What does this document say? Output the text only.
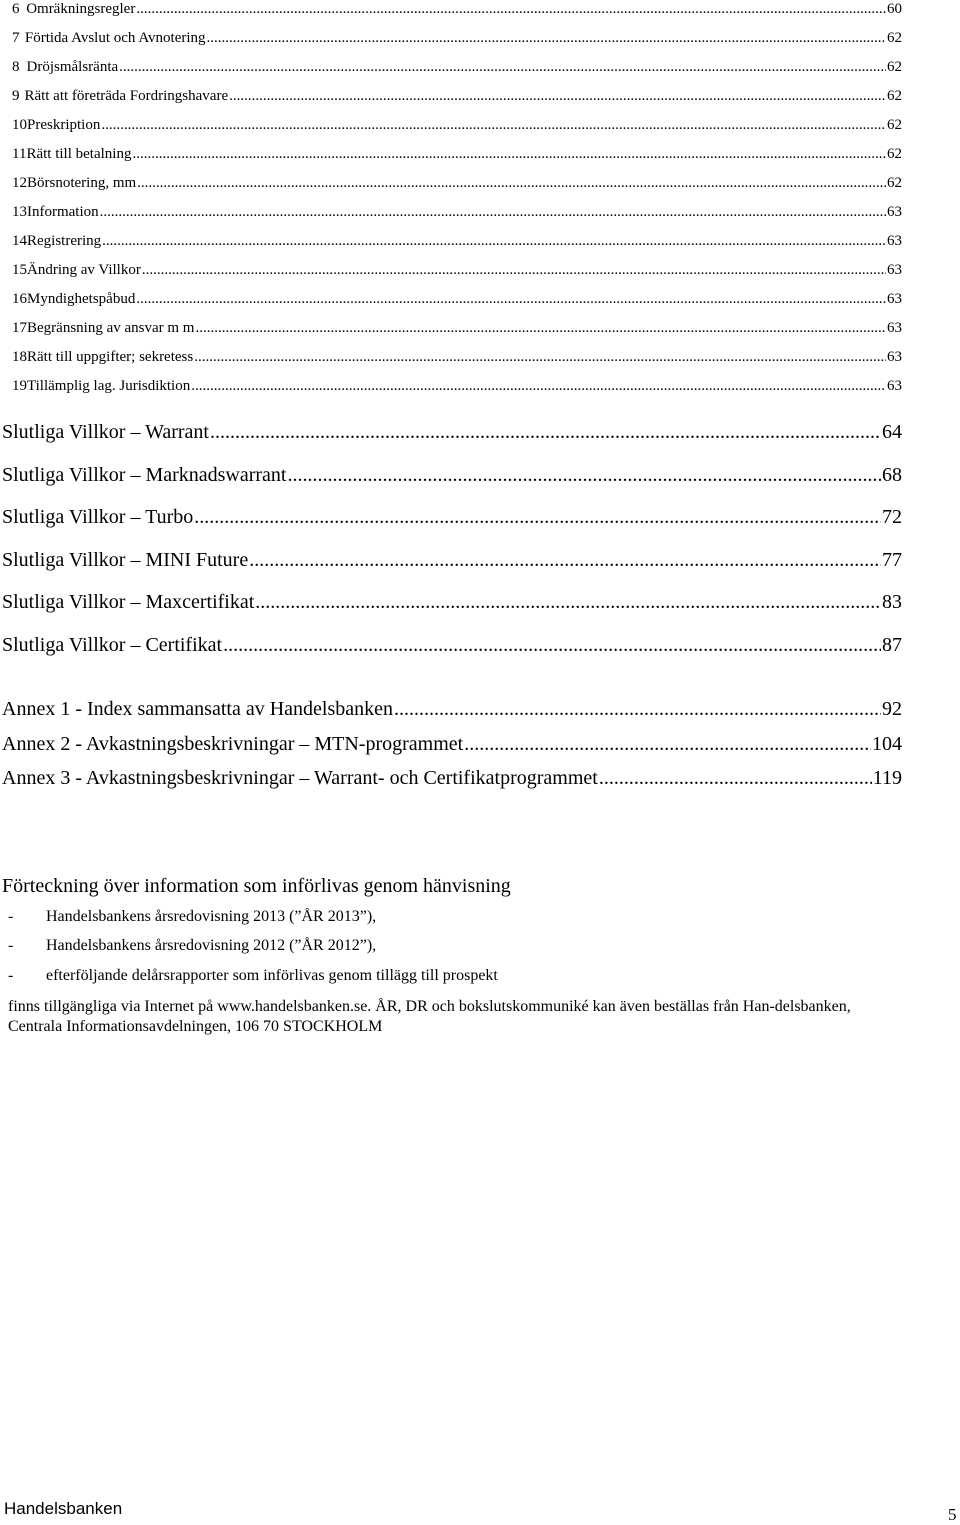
6 Omräkningsregler .....	60
7 Förtida Avslut och Avnotering .....	62
8 Dröjsmålsränta .....	62
9 Rätt att företräda Fordringshavare .....	62
10 Preskription .....	62
11 Rätt till betalning .....	62
12 Börsnotering, mm .....	62
13 Information .....	63
14 Registrering .....	63
15 Ändring av Villkor .....	63
16 Myndighetspåbud .....	63
17 Begränsning av ansvar m m .....	63
18 Rätt till uppgifter; sekretess .....	63
19 Tillämplig lag. Jurisdiktion .....	63
Slutliga Villkor – Warrant .....	64
Slutliga Villkor – Marknadswarrant .....	68
Slutliga Villkor – Turbo .....	72
Slutliga Villkor – MINI Future .....	77
Slutliga Villkor – Maxcertifikat .....	83
Slutliga Villkor – Certifikat .....	87
Annex 1 - Index sammansatta av Handelsbanken .....	92
Annex 2 - Avkastningsbeskrivningar – MTN-programmet .....	104
Annex 3 - Avkastningsbeskrivningar – Warrant- och Certifikatprogrammet .....	119
Förteckning över information som införlivas genom hänvisning
- Handelsbankens årsredovisning 2013 (”ÅR 2013”),
- Handelsbankens årsredovisning 2012 (”ÅR 2012”),
- efterföljande delårsrapporter som införlivas genom tillägg till prospekt
finns tillgängliga via Internet på www.handelsbanken.se. ÅR, DR och bokslutskommuniké kan även beställas från Han-delsbanken, Centrala Informationsavdelningen, 106 70 STOCKHOLM
Handelsbanken	5
